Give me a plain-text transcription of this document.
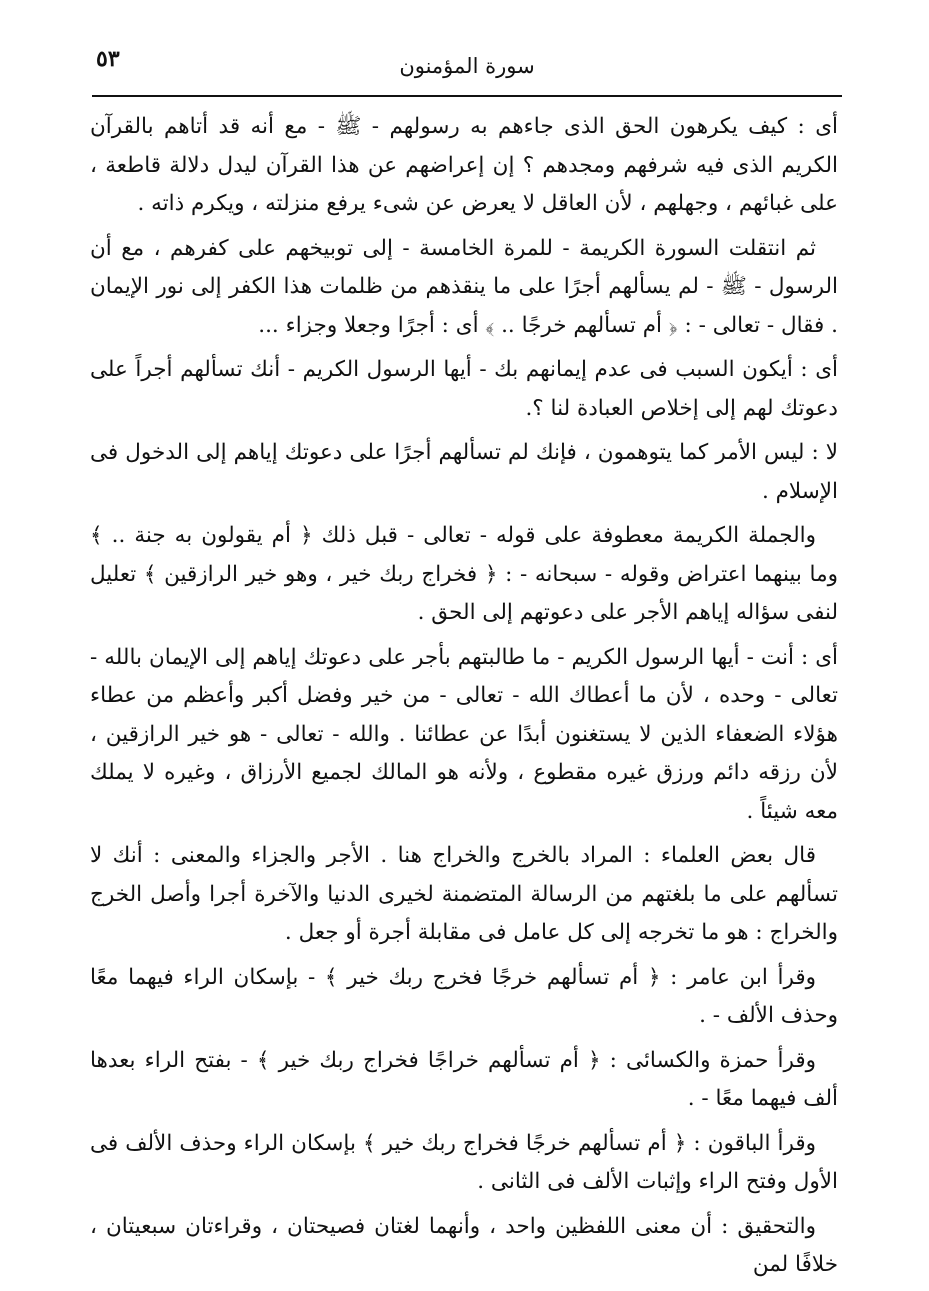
٥٣	سورة المؤمنون

أى : كيف يكرهون الحق الذى جاءهم به رسولهم - ﷺ - مع أنه قد أتاهم بالقرآن الكريم الذى فيه شرفهم ومجدهم ؟ إن إعراضهم عن هذا القرآن ليدل دلالة قاطعة ، على غبائهم ، وجهلهم ، لأن العاقل لا يعرض عن شىء يرفع منزلته ، ويكرم ذاته .

ثم انتقلت السورة الكريمة - للمرة الخامسة - إلى توبيخهم على كفرهم ، مع أن الرسول - ﷺ - لم يسألهم أجرًا على ما ينقذهم من ظلمات هذا الكفر إلى نور الإيمان . فقال - تعالى - : ﴿ أم تسألهم خرجًا .. ﴾ أى : أجرًا وجعلا وجزاء ...

أى : أيكون السبب فى عدم إيمانهم بك - أيها الرسول الكريم - أنك تسألهم أجراً على دعوتك لهم إلى إخلاص العبادة لنا ؟.

لا : ليس الأمر كما يتوهمون ، فإنك لم تسألهم أجرًا على دعوتك إياهم إلى الدخول فى الإسلام .

والجملة الكريمة معطوفة على قوله - تعالى - قبل ذلك ﴿ أم يقولون به جنة .. ﴾ وما بينهما اعتراض وقوله - سبحانه - : ﴿ فخراج ربك خير ، وهو خير الرازقين ﴾ تعليل لنفى سؤاله إياهم الأجر على دعوتهم إلى الحق .

أى : أنت - أيها الرسول الكريم - ما طالبتهم بأجر على دعوتك إياهم إلى الإيمان بالله - تعالى - وحده ، لأن ما أعطاك الله - تعالى - من خير وفضل أكبر وأعظم من عطاء هؤلاء الضعفاء الذين لا يستغنون أبدًا عن عطائنا . والله - تعالى - هو خير الرازقين ، لأن رزقه دائم ورزق غيره مقطوع ، ولأنه هو المالك لجميع الأرزاق ، وغيره لا يملك معه شيئاً .

قال بعض العلماء : المراد بالخرج والخراج هنا . الأجر والجزاء والمعنى : أنك لا تسألهم على ما بلغتهم من الرسالة المتضمنة لخيرى الدنيا والآخرة أجرا وأصل الخرج والخراج : هو ما تخرجه إلى كل عامل فى مقابلة أجرة أو جعل .

وقرأ ابن عامر : ﴿ أم تسألهم خرجًا فخرج ربك خير ﴾ - بإسكان الراء فيهما معًا وحذف الألف - .

وقرأ حمزة والكسائى : ﴿ أم تسألهم خراجًا فخراج ربك خير ﴾ - بفتح الراء بعدها ألف فيهما معًا - .

وقرأ الباقون : ﴿ أم تسألهم خرجًا فخراج ربك خير ﴾ بإسكان الراء وحذف الألف فى الأول وفتح الراء وإثبات الألف فى الثانى .

والتحقيق : أن معنى اللفظين واحد ، وأنهما لغتان فصيحتان ، وقراءتان سبعيتان ، خلافًا لمن
